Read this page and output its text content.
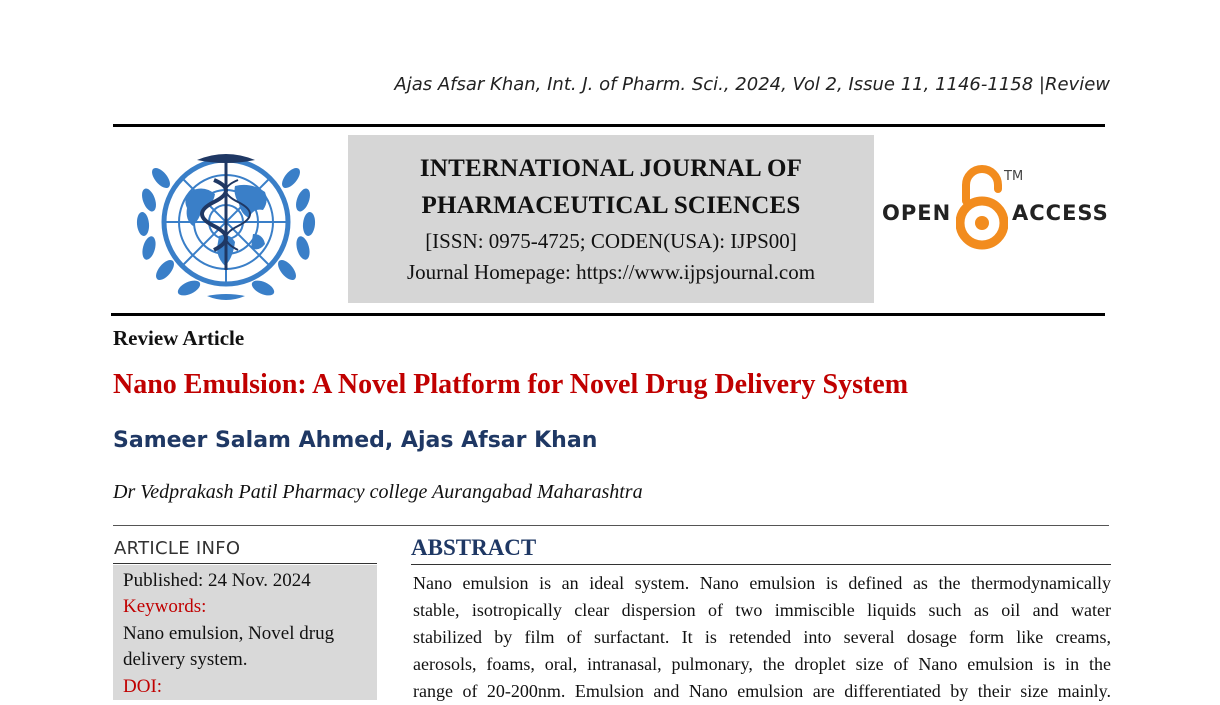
Ajas Afsar Khan, Int. J. of Pharm. Sci., 2024, Vol 2, Issue 11, 1146-1158 |Review
INTERNATIONAL JOURNAL OF
PHARMACEUTICAL SCIENCES
[ISSN: 0975-4725; CODEN(USA): IJPS00]
Journal Homepage: https://www.ijpsjournal.com
OPEN
TM
ACCESS
Review Article
Nano Emulsion: A Novel Platform for Novel Drug Delivery System
Sameer Salam Ahmed, Ajas Afsar Khan
Dr Vedprakash Patil Pharmacy college Aurangabad Maharashtra
ARTICLE INFO
Published: 24 Nov. 2024
Keywords:
Nano emulsion, Novel drug
delivery system.
DOI:
ABSTRACT
Nano emulsion is an ideal system. Nano emulsion is defined as the thermodynamically
stable, isotropically clear dispersion of two immiscible liquids such as oil and water
stabilized by film of surfactant. It is retended into several dosage form like creams,
aerosols, foams, oral, intranasal, pulmonary, the droplet size of Nano emulsion is in the
range of 20-200nm. Emulsion and Nano emulsion are differentiated by their size mainly.
